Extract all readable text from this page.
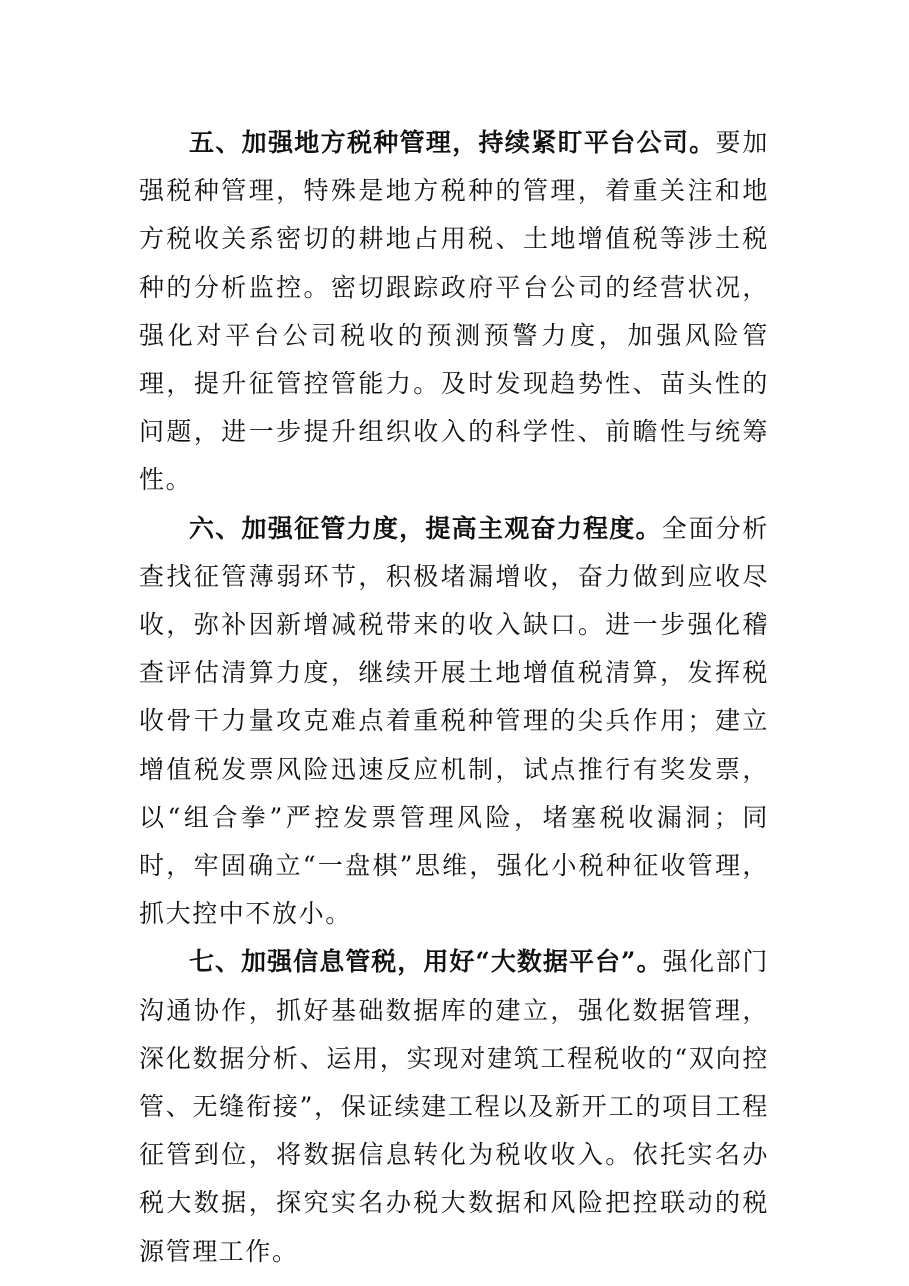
五、加强地方税种管理，持续紧盯平台公司。要加强税种管理，特殊是地方税种的管理，着重关注和地方税收关系密切的耕地占用税、土地增值税等涉土税种的分析监控。密切跟踪政府平台公司的经营状况，强化对平台公司税收的预测预警力度，加强风险管理，提升征管控管能力。及时发现趋势性、苗头性的问题，进一步提升组织收入的科学性、前瞻性与统筹性。

六、加强征管力度，提高主观奋力程度。全面分析查找征管薄弱环节，积极堵漏增收，奋力做到应收尽收，弥补因新增减税带来的收入缺口。进一步强化稽查评估清算力度，继续开展土地增值税清算，发挥税收骨干力量攻克难点着重税种管理的尖兵作用；建立增值税发票风险迅速反应机制，试点推行有奖发票，以“组合拳”严控发票管理风险，堵塞税收漏洞；同时，牢固确立“一盘棋”思维，强化小税种征收管理，抓大控中不放小。

七、加强信息管税，用好“大数据平台”。强化部门沟通协作，抓好基础数据库的建立，强化数据管理，深化数据分析、运用，实现对建筑工程税收的“双向控管、无缝衔接”，保证续建工程以及新开工的项目工程征管到位，将数据信息转化为税收收入。依托实名办税大数据，探究实名办税大数据和风险把控联动的税源管理工作。
